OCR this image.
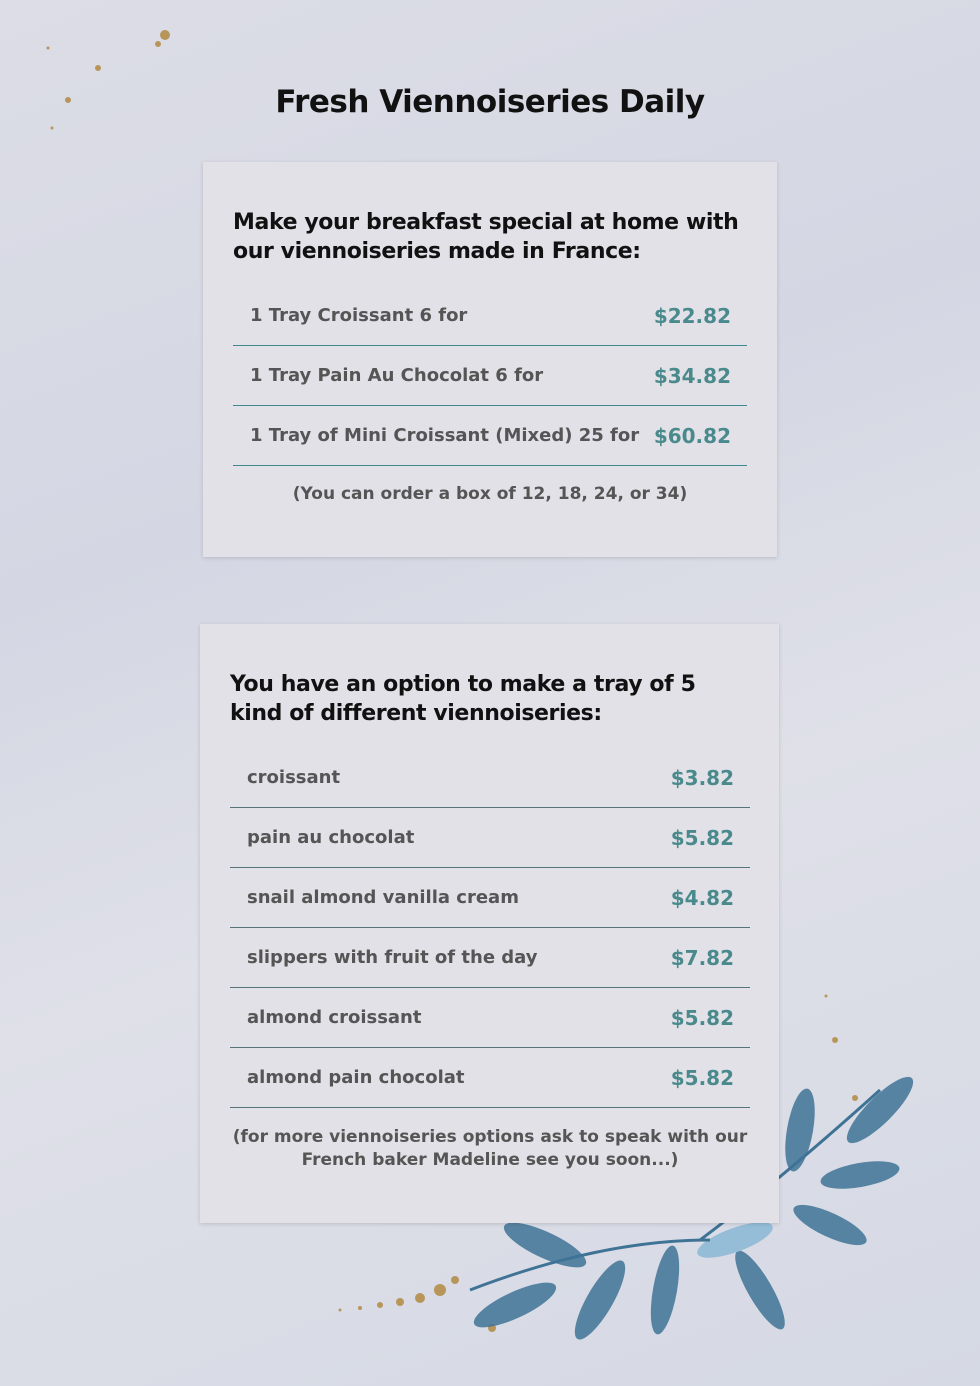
Fresh Viennoiseries Daily
Make your breakfast special at home with our viennoiseries made in France:
1 Tray Croissant 6 for	$22.82
1 Tray Pain Au Chocolat 6 for	$34.82
1 Tray of Mini Croissant (Mixed) 25 for $60.82
(You can order a box of 12, 18, 24, or 34)
You have an option to make a tray of 5 kind of different viennoiseries:
croissant	$3.82
pain au chocolat	$5.82
snail almond vanilla cream	$4.82
slippers with fruit of the day	$7.82
almond croissant	$5.82
almond pain chocolat	$5.82
(for more viennoiseries options ask to speak with our French baker Madeline see you soon...)
